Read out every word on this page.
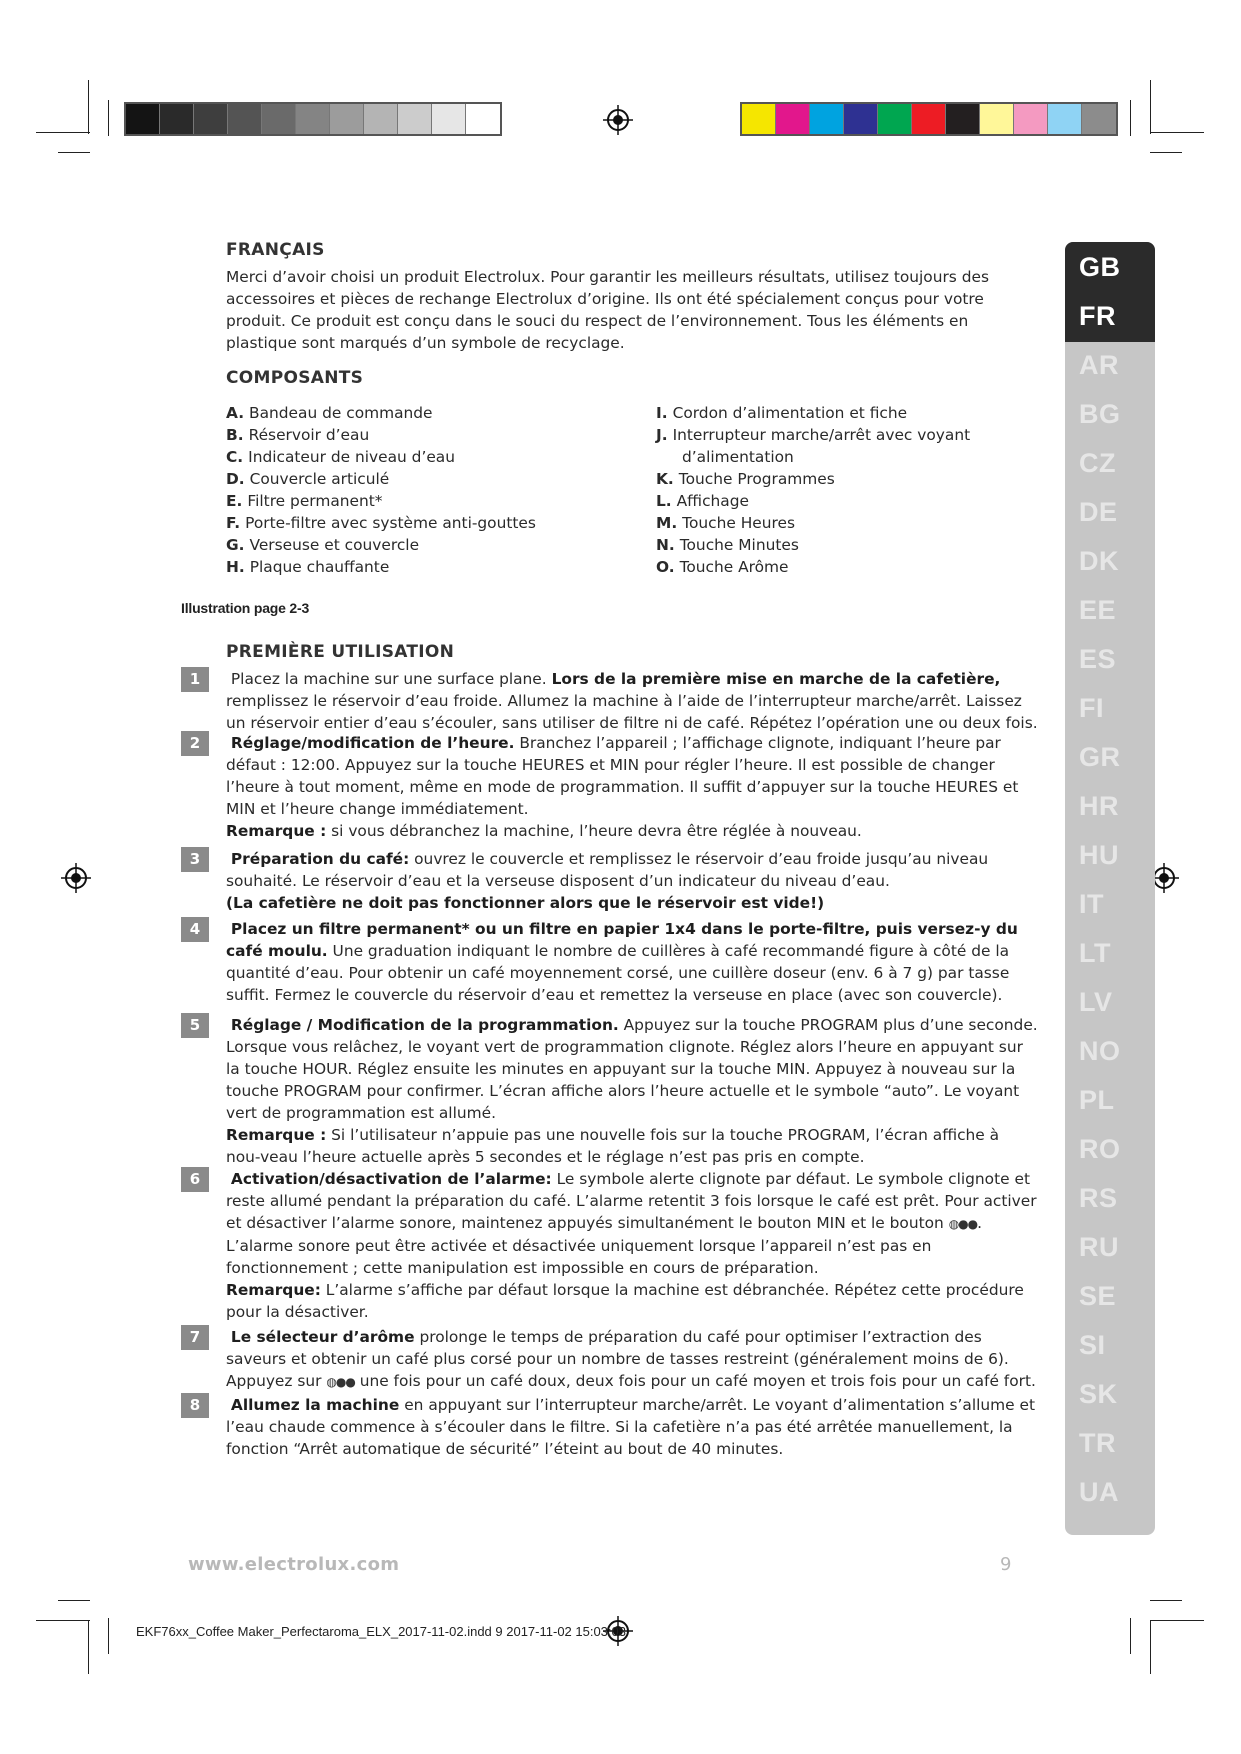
FRANÇAIS
Merci d’avoir choisi un produit Electrolux. Pour garantir les meilleurs résultats, utilisez toujours des accessoires et pièces de rechange Electrolux d’origine. Ils ont été spécialement conçus pour votre produit. Ce produit est conçu dans le souci du respect de l’environnement. Tous les éléments en plastique sont marqués d’un symbole de recyclage.
COMPOSANTS
A. Bandeau de commande
B. Réservoir d’eau
C. Indicateur de niveau d’eau
D. Couvercle articulé
E. Filtre permanent*
F. Porte-filtre avec système anti-gouttes
G. Verseuse et couvercle
H. Plaque chauffante
I. Cordon d’alimentation et fiche
J. Interrupteur marche/arrêt avec voyant
d’alimentation
K. Touche Programmes
L. Affichage
M. Touche Heures
N. Touche Minutes
O. Touche Arôme
Illustration page 2-3
PREMIÈRE UTILISATION
1	Placez la machine sur une surface plane. Lors de la première mise en marche de la cafetière, remplissez le réservoir d’eau froide. Allumez la machine à l’aide de l’interrupteur marche/arrêt. Laissez un réservoir entier d’eau s’écouler, sans utiliser de filtre ni de café. Répétez l’opération une ou deux fois.
2	Réglage/modification de l’heure. Branchez l’appareil ; l’affichage clignote, indiquant l’heure par défaut : 12:00. Appuyez sur la touche HEURES et MIN pour régler l’heure. Il est possible de changer l’heure à tout moment, même en mode de programmation. Il suffit d’appuyer sur la touche HEURES et MIN et l’heure change immédiatement.
Remarque : si vous débranchez la machine, l’heure devra être réglée à nouveau.
3	Préparation du café: ouvrez le couvercle et remplissez le réservoir d’eau froide jusqu’au niveau souhaité. Le réservoir d’eau et la verseuse disposent d’un indicateur du niveau d’eau.
(La cafetière ne doit pas fonctionner alors que le réservoir est vide!)
4	Placez un filtre permanent* ou un filtre en papier 1x4 dans le porte-filtre, puis versez-y du café moulu. Une graduation indiquant le nombre de cuillères à café recommandé figure à côté de la quantité d’eau. Pour obtenir un café moyennement corsé, une cuillère doseur (env. 6 à 7 g) par tasse suffit. Fermez le couvercle du réservoir d’eau et remettez la verseuse en place (avec son couvercle).
5	Réglage / Modification de la programmation. Appuyez sur la touche PROGRAM plus d’une seconde. Lorsque vous relâchez, le voyant vert de programmation clignote. Réglez alors l’heure en appuyant sur la touche HOUR. Réglez ensuite les minutes en appuyant sur la touche MIN. Appuyez à nouveau sur la touche PROGRAM pour confirmer. L’écran affiche alors l’heure actuelle et le symbole “auto”. Le voyant vert de programmation est allumé.
Remarque : Si l’utilisateur n’appuie pas une nouvelle fois sur la touche PROGRAM, l’écran affiche à nou-veau l’heure actuelle après 5 secondes et le réglage n’est pas pris en compte.
6	Activation/désactivation de l’alarme: Le symbole alerte clignote par défaut. Le symbole clignote et reste allumé pendant la préparation du café. L’alarme retentit 3 fois lorsque le café est prêt. Pour activer et désactiver l’alarme sonore, maintenez appuyés simultanément le bouton MIN et le bouton ◍●●. L’alarme sonore peut être activée et désactivée uniquement lorsque l’appareil n’est pas en fonctionnement ; cette manipulation est impossible en cours de préparation.
Remarque: L’alarme s’affiche par défaut lorsque la machine est débranchée. Répétez cette procédure pour la désactiver.
7	Le sélecteur d’arôme prolonge le temps de préparation du café pour optimiser l’extraction des saveurs et obtenir un café plus corsé pour un nombre de tasses restreint (généralement moins de 6). Appuyez sur ◍●● une fois pour un café doux, deux fois pour un café moyen et trois fois pour un café fort.
8	Allumez la machine en appuyant sur l’interrupteur marche/arrêt. Le voyant d’alimentation s’allume et l’eau chaude commence à s’écouler dans le filtre. Si la cafetière n’a pas été arrêtée manuellement, la fonction “Arrêt automatique de sécurité” l’éteint au bout de 40 minutes.
GB
FR
AR
BG
CZ
DE
DK
EE
ES
FI
GR
HR
HU
IT
LT
LV
NO
PL
RO
RS
RU
SE
SI
SK
TR
UA
www.electrolux.com	9
EKF76xx_Coffee Maker_Perfectaroma_ELX_2017-11-02.indd 9 2017-11-02 15:03:03
